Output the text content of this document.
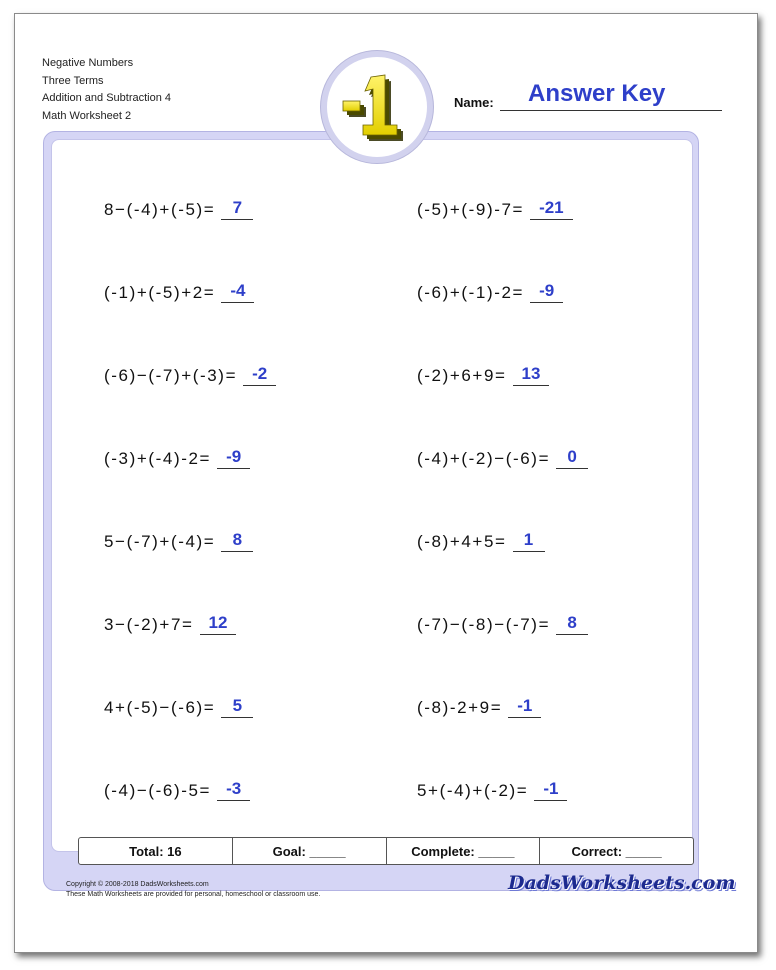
Negative Numbers
Three Terms
Addition and Subtraction 4
Math Worksheet 2
Name: Answer Key
8−(-4)+(-5)=	7	(-5)+(-9)-7= -21
(-1)+(-5)+2= -4	(-6)+(-1)-2= -9
(-6)−(-7)+(-3)= -2	(-2)+6+9= 13
(-3)+(-4)-2= -9	(-4)+(-2)−(-6)=	0
5−(-7)+(-4)=	8	(-8)+4+5=	1
3−(-2)+7= 12	(-7)−(-8)−(-7)=	8
4+(-5)−(-6)=	5	(-8)-2+9= -1
(-4)−(-6)-5= -3	5+(-4)+(-2)= -1
Total: 16	Goal: _____	Complete: _____	Correct: _____
Copyright © 2008-2018 DadsWorksheets.com
These Math Worksheets are provided for personal, homeschool or classroom use.
DadsWorksheets.com
